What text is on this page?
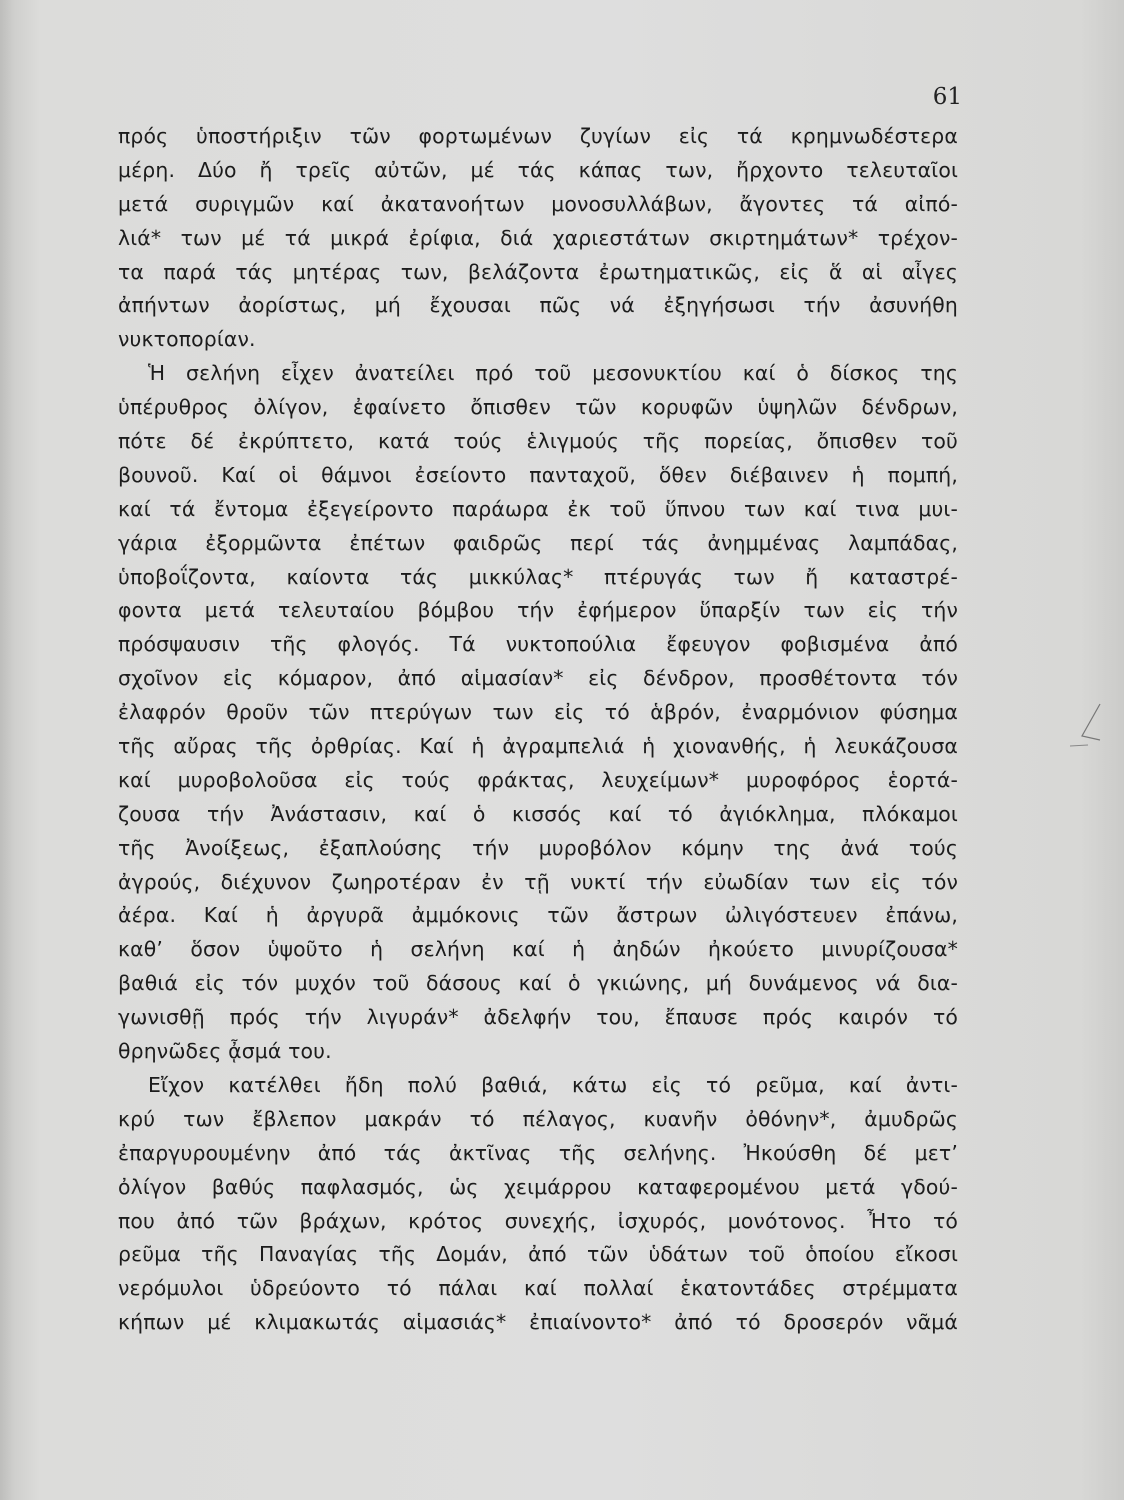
61
πρός ὑποστήριξιν τῶν φορτωμένων ζυγίων εἰς τά κρημνωδέστερα
μέρη. Δύο ἤ τρεῖς αὐτῶν, μέ τάς κάπας των, ἤρχοντο τελευταῖοι
μετά συριγμῶν καί ἀκατανοήτων μονοσυλλάβων, ἄγοντες τά αἰπό-
λιά* των μέ τά μικρά ἐρίφια, διά χαριεστάτων σκιρτημάτων* τρέχον-
τα παρά τάς μητέρας των, βελάζοντα ἐρωτηματικῶς, εἰς ἅ αἱ αἶγες
ἀπήντων ἀορίστως, μή ἔχουσαι πῶς νά ἐξηγήσωσι τήν ἀσυνήθη
νυκτοπορίαν.
Ἡ σελήνη εἶχεν ἀνατείλει πρό τοῦ μεσονυκτίου καί ὁ δίσκος της
ὑπέρυθρος ὀλίγον, ἐφαίνετο ὄπισθεν τῶν κορυφῶν ὑψηλῶν δένδρων,
πότε δέ ἐκρύπτετο, κατά τούς ἑλιγμούς τῆς πορείας, ὄπισθεν τοῦ
βουνοῦ. Καί οἱ θάμνοι ἐσείοντο πανταχοῦ, ὅθεν διέβαινεν ἡ πομπή,
καί τά ἔντομα ἐξεγείροντο παράωρα ἐκ τοῦ ὕπνου των καί τινα μυι-
γάρια ἐξορμῶντα ἐπέτων φαιδρῶς περί τάς ἀνημμένας λαμπάδας,
ὑποβοΐζοντα, καίοντα τάς μικκύλας* πτέρυγάς των ἤ καταστρέ-
φοντα μετά τελευταίου βόμβου τήν ἐφήμερον ὕπαρξίν των εἰς τήν
πρόσψαυσιν τῆς φλογός. Τά νυκτοπούλια ἔφευγον φοβισμένα ἀπό
σχοῖνον εἰς κόμαρον, ἀπό αἱμασίαν* εἰς δένδρον, προσθέτοντα τόν
ἐλαφρόν θροῦν τῶν πτερύγων των εἰς τό ἁβρόν, ἐναρμόνιον φύσημα
τῆς αὔρας τῆς ὀρθρίας. Καί ἡ ἀγραμπελιά ἡ χιονανθής, ἡ λευκάζουσα
καί μυροβολοῦσα εἰς τούς φράκτας, λευχείμων* μυροφόρος ἑορτά-
ζουσα τήν Ἀνάστασιν, καί ὁ κισσός καί τό ἀγιόκλημα, πλόκαμοι
τῆς Ἀνοίξεως, ἐξαπλούσης τήν μυροβόλον κόμην της ἀνά τούς
ἀγρούς, διέχυνον ζωηροτέραν ἐν τῇ νυκτί τήν εὐωδίαν των εἰς τόν
ἀέρα. Καί ἡ ἀργυρᾶ ἀμμόκονις τῶν ἄστρων ὠλιγόστευεν ἐπάνω,
καθ’ ὅσον ὑψοῦτο ἡ σελήνη καί ἡ ἀηδών ἠκούετο μινυρίζουσα*
βαθιά εἰς τόν μυχόν τοῦ δάσους καί ὁ γκιώνης, μή δυνάμενος νά δια-
γωνισθῇ πρός τήν λιγυράν* ἀδελφήν του, ἔπαυσε πρός καιρόν τό
θρηνῶδες ᾆσμά του.
Εἴχον κατέλθει ἤδη πολύ βαθιά, κάτω εἰς τό ρεῦμα, καί ἀντι-
κρύ των ἔβλεπον μακράν τό πέλαγος, κυανῆν ὀθόνην*, ἀμυδρῶς
ἐπαργυρουμένην ἀπό τάς ἀκτῖνας τῆς σελήνης. Ἠκούσθη δέ μετ’
ὀλίγον βαθύς παφλασμός, ὡς χειμάρρου καταφερομένου μετά γδού-
που ἀπό τῶν βράχων, κρότος συνεχής, ἰσχυρός, μονότονος. Ἦτο τό
ρεῦμα τῆς Παναγίας τῆς Δομάν, ἀπό τῶν ὑδάτων τοῦ ὁποίου εἴκοσι
νερόμυλοι ὑδρεύοντο τό πάλαι καί πολλαί ἑκατοντάδες στρέμματα
κήπων μέ κλιμακωτάς αἱμασιάς* ἐπιαίνοντο* ἀπό τό δροσερόν νᾶμά
